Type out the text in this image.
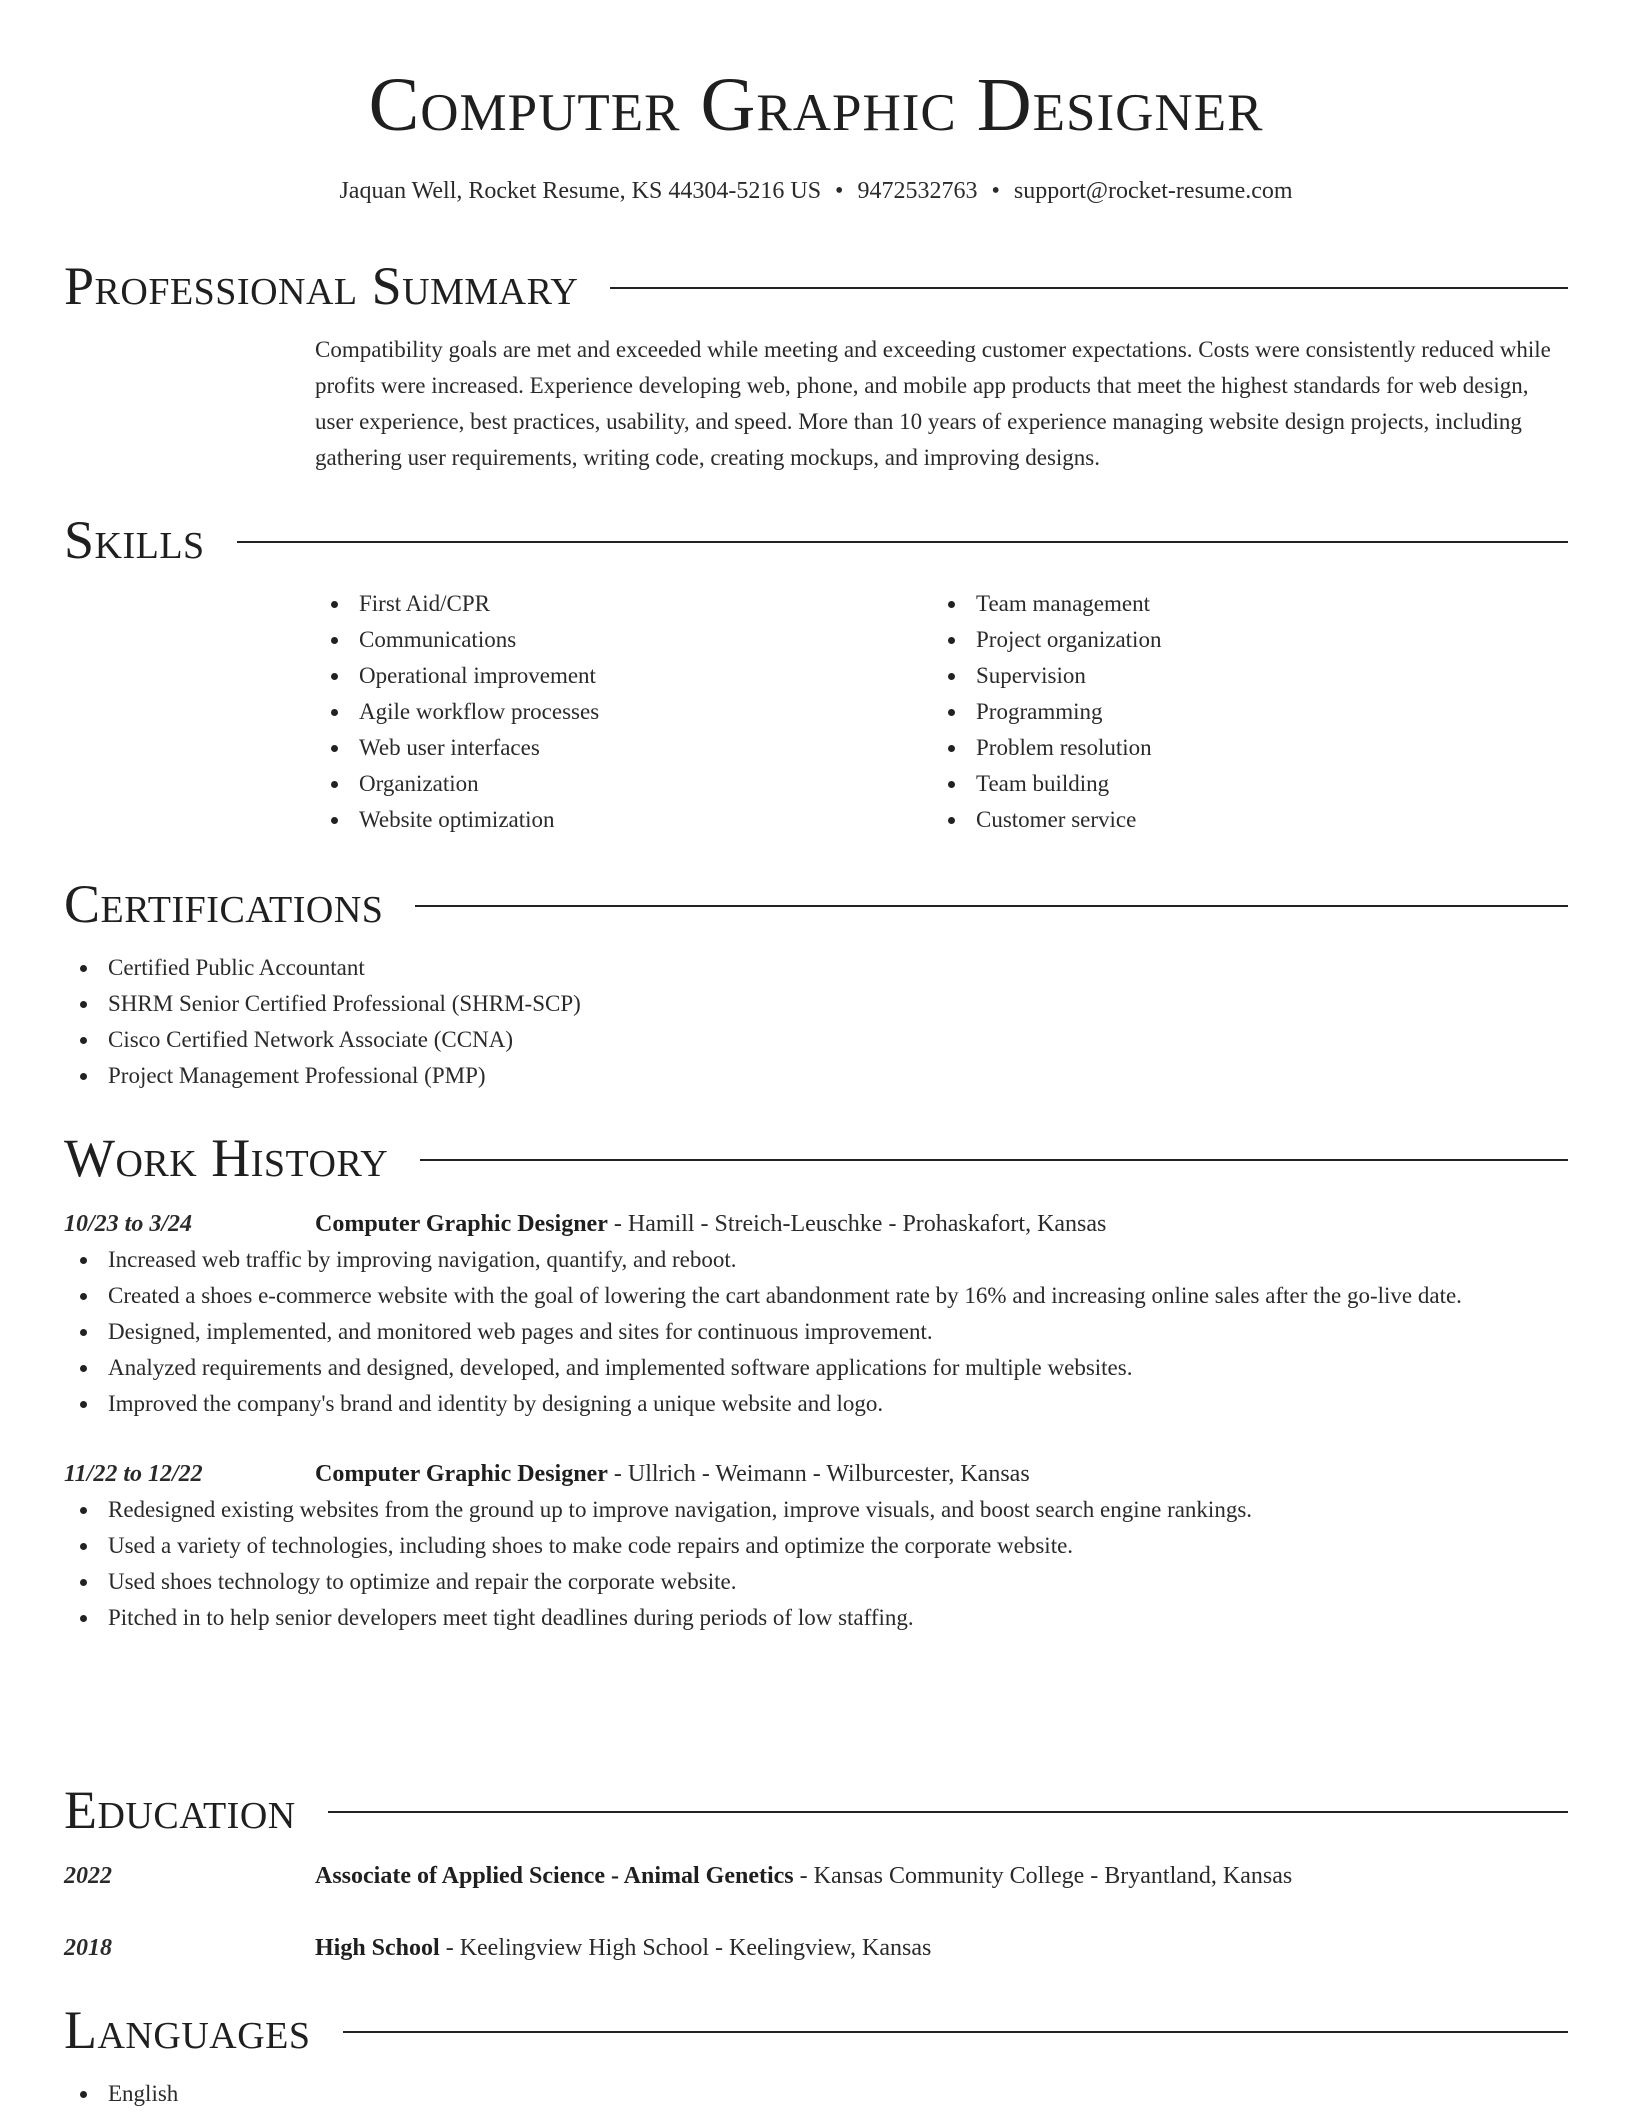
Computer Graphic Designer
Jaquan Well, Rocket Resume, KS 44304-5216 US • 9472532763 • support@rocket-resume.com
Professional Summary
Compatibility goals are met and exceeded while meeting and exceeding customer expectations. Costs were consistently reduced while profits were increased. Experience developing web, phone, and mobile app products that meet the highest standards for web design, user experience, best practices, usability, and speed. More than 10 years of experience managing website design projects, including gathering user requirements, writing code, creating mockups, and improving designs.
Skills
First Aid/CPR
Communications
Operational improvement
Agile workflow processes
Web user interfaces
Organization
Website optimization
Team management
Project organization
Supervision
Programming
Problem resolution
Team building
Customer service
Certifications
Certified Public Accountant
SHRM Senior Certified Professional (SHRM-SCP)
Cisco Certified Network Associate (CCNA)
Project Management Professional (PMP)
Work History
10/23 to 3/24	Computer Graphic Designer - Hamill - Streich-Leuschke - Prohaskafort, Kansas
Increased web traffic by improving navigation, quantify, and reboot.
Created a shoes e-commerce website with the goal of lowering the cart abandonment rate by 16% and increasing online sales after the go-live date.
Designed, implemented, and monitored web pages and sites for continuous improvement.
Analyzed requirements and designed, developed, and implemented software applications for multiple websites.
Improved the company's brand and identity by designing a unique website and logo.
11/22 to 12/22	Computer Graphic Designer - Ullrich - Weimann - Wilburcester, Kansas
Redesigned existing websites from the ground up to improve navigation, improve visuals, and boost search engine rankings.
Used a variety of technologies, including shoes to make code repairs and optimize the corporate website.
Used shoes technology to optimize and repair the corporate website.
Pitched in to help senior developers meet tight deadlines during periods of low staffing.
Education
2022	Associate of Applied Science - Animal Genetics - Kansas Community College - Bryantland, Kansas
2018	High School - Keelingview High School - Keelingview, Kansas
Languages
English
